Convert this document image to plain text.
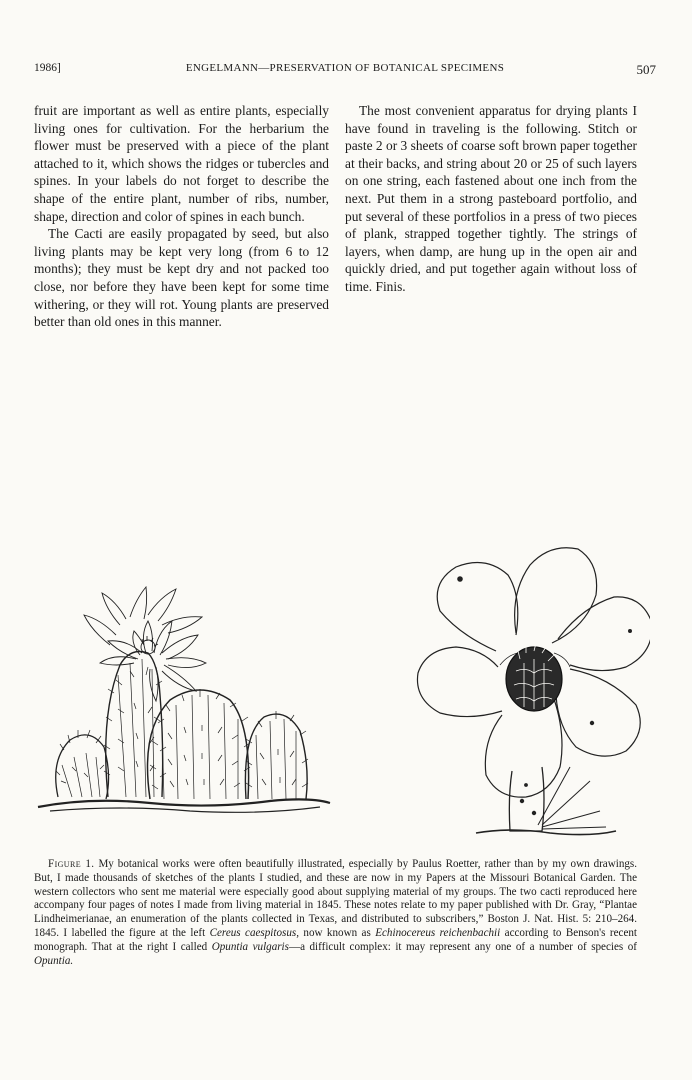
1986]	ENGELMANN—PRESERVATION OF BOTANICAL SPECIMENS	507

fruit are important as well as entire plants, especially living ones for cultivation. For the herbarium the flower must be preserved with a piece of the plant attached to it, which shows the ridges or tubercles and spines. In your labels do not forget to describe the shape of the entire plant, number of ribs, number, shape, direction and color of spines in each bunch.

The Cacti are easily propagated by seed, but also living plants may be kept very long (from 6 to 12 months); they must be kept dry and not packed too close, nor before they have been kept for some time withering, or they will rot. Young plants are preserved better than old ones in this manner.

The most convenient apparatus for drying plants I have found in traveling is the following. Stitch or paste 2 or 3 sheets of coarse soft brown paper together at their backs, and string about 20 or 25 of such layers on one string, each fastened about one inch from the next. Put them in a strong pasteboard portfolio, and put several of these portfolios in a press of two pieces of plank, strapped together tightly. The strings of layers, when damp, are hung up in the open air and quickly dried, and put together again without loss of time. Finis.

Figure 1. My botanical works were often beautifully illustrated, especially by Paulus Roetter, rather than by my own drawings. But, I made thousands of sketches of the plants I studied, and these are now in my Papers at the Missouri Botanical Garden. The western collectors who sent me material were especially good about supplying material of my groups. The two cacti reproduced here accompany four pages of notes I made from living material in 1845. These notes relate to my paper published with Dr. Gray, “Plantae Lindheimerianae, an enumeration of the plants collected in Texas, and distributed to subscribers,” Boston J. Nat. Hist. 5: 210–264. 1845. I labelled the figure at the left Cereus caespitosus, now known as Echinocereus reichenbachii according to Benson's recent monograph. That at the right I called Opuntia vulgaris—a difficult complex: it may represent any one of a number of species of Opuntia.
